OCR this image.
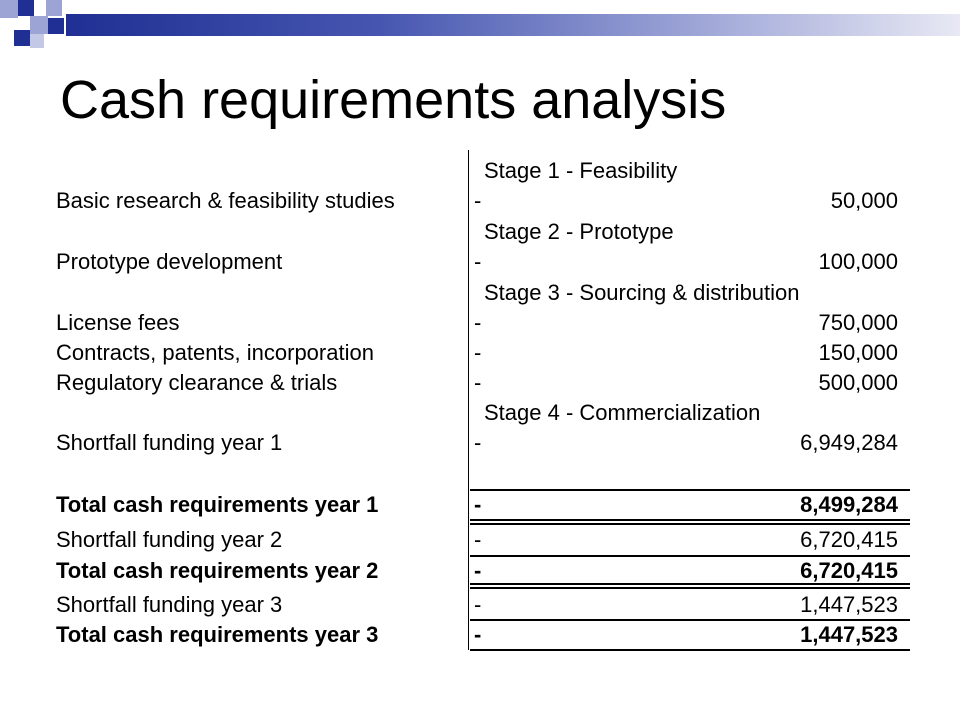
Cash requirements analysis
Stage 1 - Feasibility
Basic research & feasibility studies	-	50,000
Stage 2 - Prototype
Prototype development	-	100,000
Stage 3 - Sourcing & distribution
License fees	-	750,000
Contracts, patents, incorporation	-	150,000
Regulatory clearance & trials	-	500,000
Stage 4 - Commercialization
Shortfall funding year 1	-	6,949,284
Total cash requirements year 1	-	8,499,284
Shortfall funding year 2	-	6,720,415
Total cash requirements year 2	-	6,720,415
Shortfall funding year 3	-	1,447,523
Total cash requirements year 3	-	1,447,523
